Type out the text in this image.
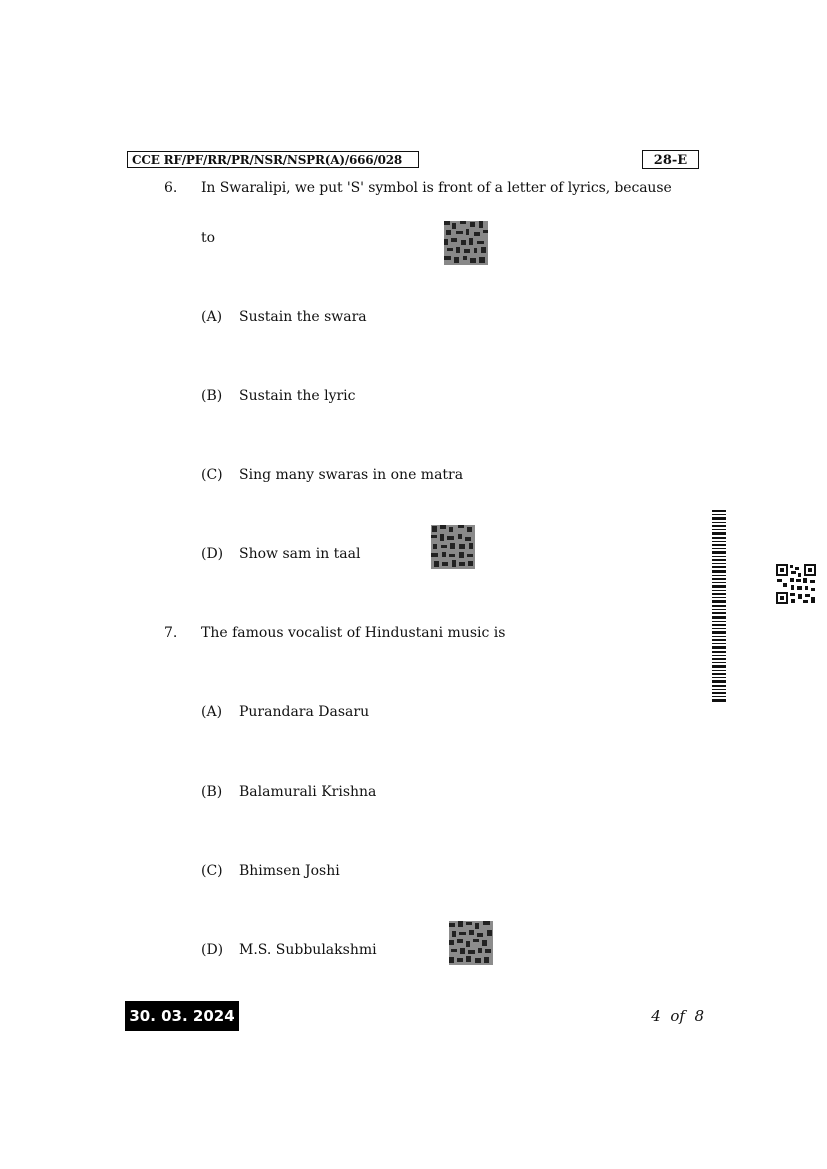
CCE RF/PF/RR/PR/NSR/NSPR(A)/666/028	28-E
6. In Swaralipi, we put 'S' symbol is front of a letter of lyrics, because
to
(A) Sustain the swara
(B) Sustain the lyric
(C) Sing many swaras in one matra
(D) Show sam in taal
7. The famous vocalist of Hindustani music is
(A) Purandara Dasaru
(B) Balamurali Krishna
(C) Bhimsen Joshi
(D) M.S. Subbulakshmi
30. 03. 2024	4  of  8
